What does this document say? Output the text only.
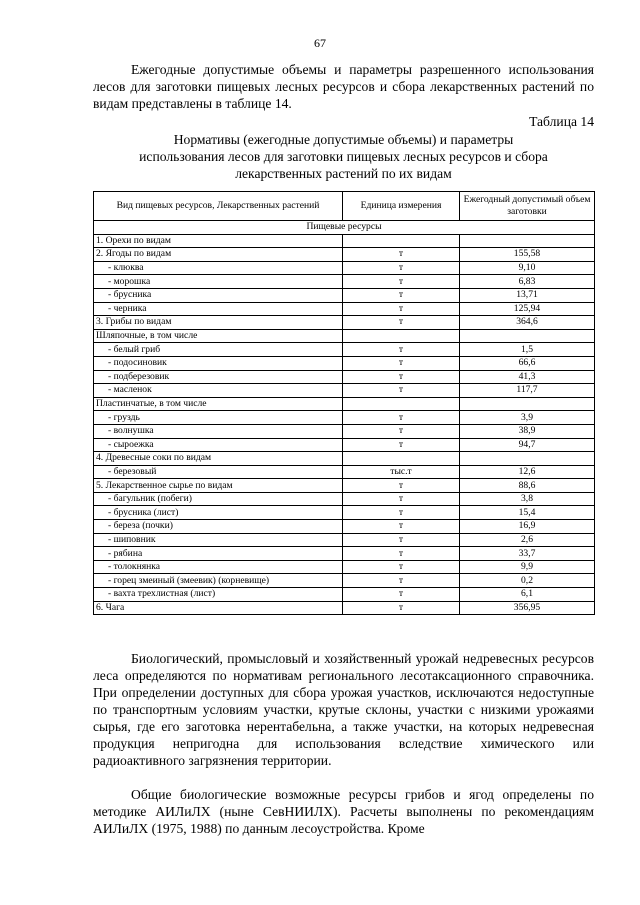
67

Ежегодные допустимые объемы и параметры разрешенного использования лесов для заготовки пищевых лесных ресурсов и сбора лекарственных растений по видам представлены в таблице 14.

Таблица 14
Нормативы (ежегодные допустимые объемы) и параметры
использования лесов для заготовки пищевых лесных ресурсов и сбора
лекарственных растений по их видам
Вид пищевых ресурсов, Лекарственных растений	Единица измерения	Ежегодный допустимый объем заготовки
Пищевые ресурсы		
1. Орехи по видам		
2. Ягоды по видам	т	155,58
- клюква	т	9,10
- морошка	т	6,83
- брусника	т	13,71
- черника	т	125,94
3. Грибы по видам	т	364,6
Шляпочные, в том числе		
- белый гриб	т	1,5
- подосиновик	т	66,6
- подберезовик	т	41,3
- масленок	т	117,7
Пластинчатые, в том числе		
- груздь	т	3,9
- волнушка	т	38,9
- сыроежка	т	94,7
4. Древесные соки по видам		
- березовый	тыс.т	12,6
5. Лекарственное сырье по видам	т	88,6
- багульник (побеги)	т	3,8
- брусника (лист)	т	15,4
- береза (почки)	т	16,9
- шиповник	т	2,6
- рябина	т	33,7
- толокнянка	т	9,9
- горец змеиный (змеевик) (корневище)	т	0,2
- вахта трехлистная (лист)	т	6,1
6. Чага	т	356,95

Биологический, промысловый и хозяйственный урожай недревесных ресурсов леса определяются по нормативам регионального лесотаксационного справочника. При определении доступных для сбора урожая участков, исключаются недоступные по транспортным условиям участки, крутые склоны, участки с низкими урожаями сырья, где его заготовка нерентабельна, а также участки, на которых недревесная продукция непригодна для использования вследствие химического или радиоактивного загрязнения территории.

Общие биологические возможные ресурсы грибов и ягод определены по методике АИЛиЛХ (ныне СевНИИЛХ). Расчеты выполнены по рекомендациям АИЛиЛХ (1975, 1988) по данным лесоустройства. Кроме
